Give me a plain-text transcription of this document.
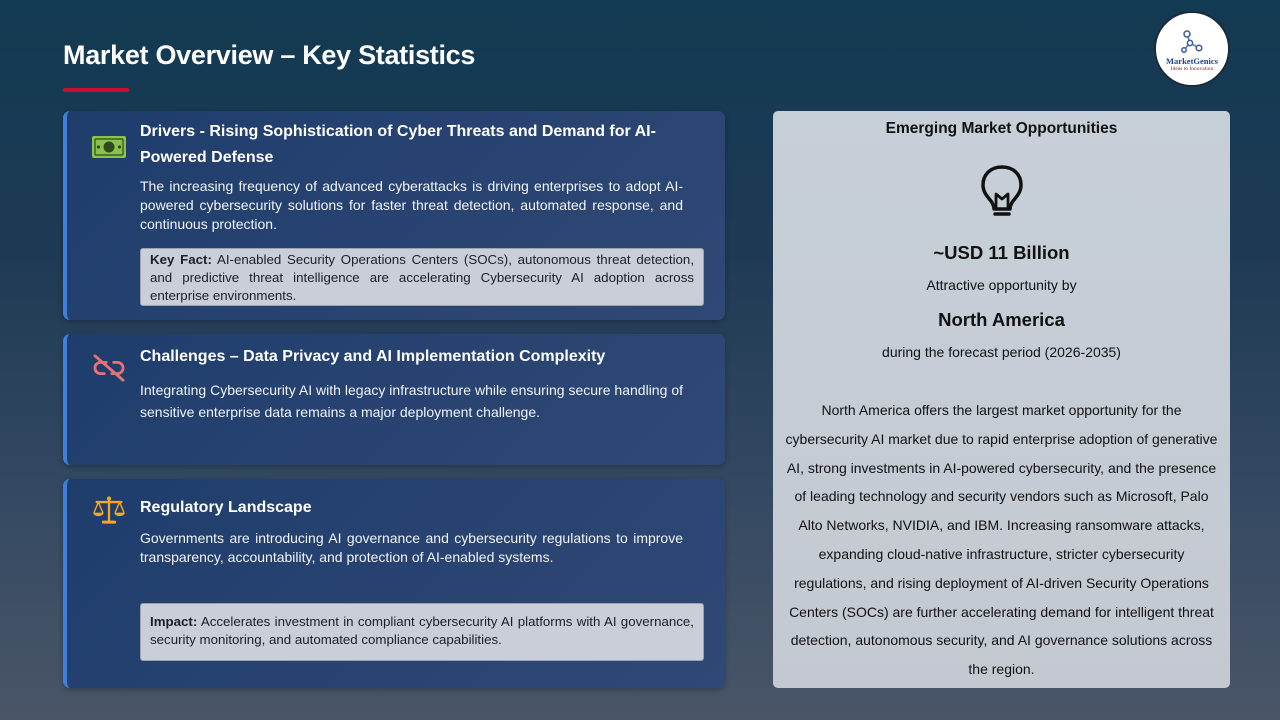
Market Overview – Key Statistics	MarketGenics
Ideas to Innovation
Drivers - Rising Sophistication of Cyber Threats and Demand for AI-Powered Defense
The increasing frequency of advanced cyberattacks is driving enterprises to adopt AI-powered cybersecurity solutions for faster threat detection, automated response, and continuous protection.
Key Fact: AI-enabled Security Operations Centers (SOCs), autonomous threat detection, and predictive threat intelligence are accelerating Cybersecurity AI adoption across enterprise environments.
Challenges – Data Privacy and AI Implementation Complexity
Integrating Cybersecurity AI with legacy infrastructure while ensuring secure handling of sensitive enterprise data remains a major deployment challenge.
Regulatory Landscape
Governments are introducing AI governance and cybersecurity regulations to improve transparency, accountability, and protection of AI-enabled systems.
Impact: Accelerates investment in compliant cybersecurity AI platforms with AI governance, security monitoring, and automated compliance capabilities.
Emerging Market Opportunities
~USD 11 Billion
Attractive opportunity by
North America
during the forecast period (2026-2035)
North America offers the largest market opportunity for the cybersecurity AI market due to rapid enterprise adoption of generative AI, strong investments in AI-powered cybersecurity, and the presence of leading technology and security vendors such as Microsoft, Palo Alto Networks, NVIDIA, and IBM. Increasing ransomware attacks, expanding cloud-native infrastructure, stricter cybersecurity regulations, and rising deployment of AI-driven Security Operations Centers (SOCs) are further accelerating demand for intelligent threat detection, autonomous security, and AI governance solutions across the region.
